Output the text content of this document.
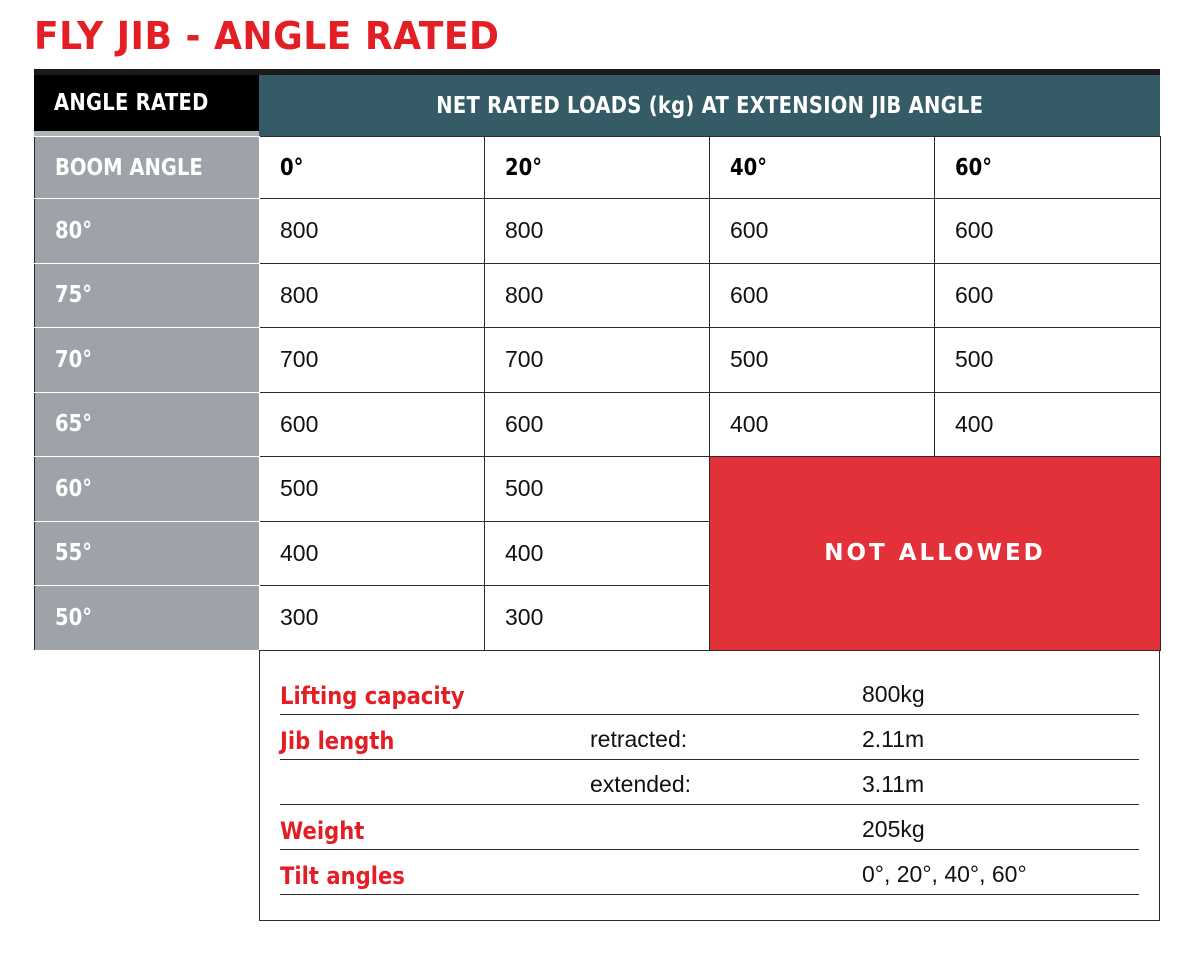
FLY JIB - ANGLE RATED
ANGLE RATED	NET RATED LOADS (kg) AT EXTENSION JIB ANGLE
BOOM ANGLE	0°	20°	40°	60°
80°	800	800	600	600
75°	800	800	600	600
70°	700	700	500	500
65°	600	600	400	400
60°	500	500	NOT ALLOWED	
55°	400	400		
50°	300	300		
Lifting capacity	800kg
Jib length	retracted:	2.11m
extended:	3.11m
Weight	205kg
Tilt angles	0°, 20°, 40°, 60°
